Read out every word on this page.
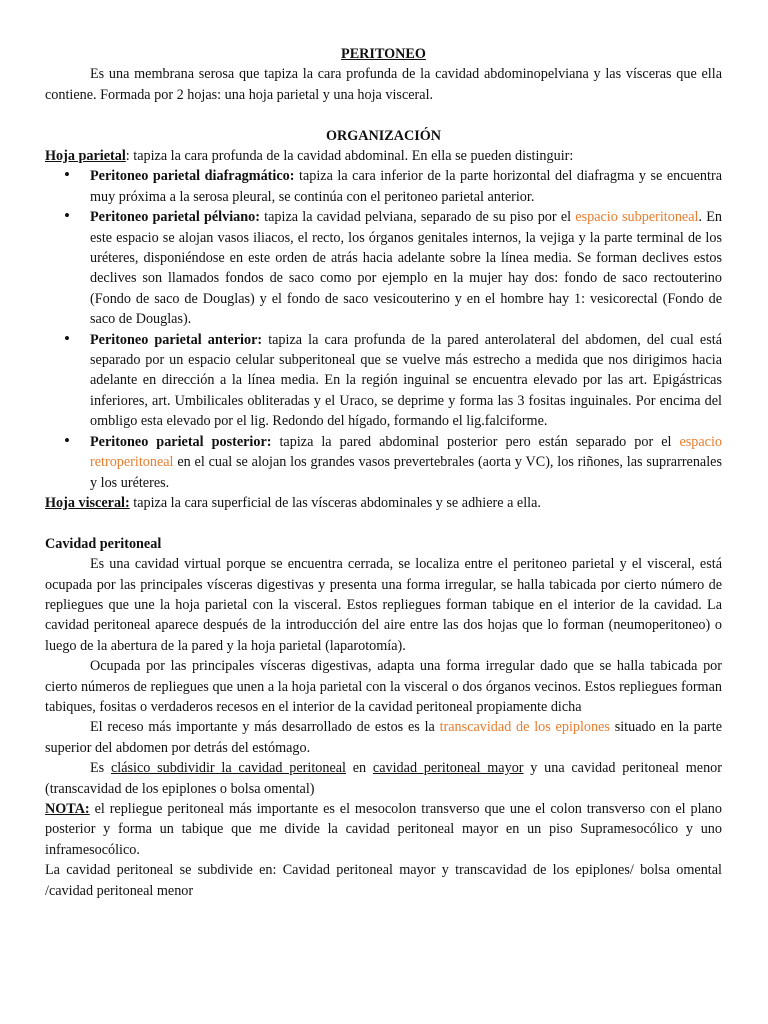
PERITONEO

Es una membrana serosa que tapiza la cara profunda de la cavidad abdominopelviana y las vísceras que ella contiene. Formada por 2 hojas: una hoja parietal y una hoja visceral.

ORGANIZACIÓN

Hoja parietal: tapiza la cara profunda de la cavidad abdominal. En ella se pueden distinguir:

• Peritoneo parietal diafragmático: tapiza la cara inferior de la parte horizontal del diafragma y se encuentra muy próxima a la serosa pleural, se continúa con el peritoneo parietal anterior.
• Peritoneo parietal pélviano: tapiza la cavidad pelviana, separado de su piso por el espacio subperitoneal. En este espacio se alojan vasos iliacos, el recto, los órganos genitales internos, la vejiga y la parte terminal de los uréteres, disponiéndose en este orden de atrás hacia adelante sobre la línea media. Se forman declives estos declives son llamados fondos de saco como por ejemplo en la mujer hay dos: fondo de saco rectouterino (Fondo de saco de Douglas) y el fondo de saco vesicouterino y en el hombre hay 1: vesicorectal (Fondo de saco de Douglas).
• Peritoneo parietal anterior: tapiza la cara profunda de la pared anterolateral del abdomen, del cual está separado por un espacio celular subperitoneal que se vuelve más estrecho a medida que nos dirigimos hacia adelante en dirección a la línea media. En la región inguinal se encuentra elevado por las art. Epigástricas inferiores, art. Umbilicales obliteradas y el Uraco, se deprime y forma las 3 fositas inguinales. Por encima del ombligo esta elevado por el lig. Redondo del hígado, formando el lig.falciforme.
• Peritoneo parietal posterior: tapiza la pared abdominal posterior pero están separado por el espacio retroperitoneal en el cual se alojan los grandes vasos prevertebrales (aorta y VC), los riñones, las suprarrenales y los uréteres.

Hoja visceral: tapiza la cara superficial de las vísceras abdominales y se adhiere a ella.

Cavidad peritoneal

Es una cavidad virtual porque se encuentra cerrada, se localiza entre el peritoneo parietal y el visceral, está ocupada por las principales vísceras digestivas y presenta una forma irregular, se halla tabicada por cierto número de repliegues que une la hoja parietal con la visceral. Estos repliegues forman tabique en el interior de la cavidad. La cavidad peritoneal aparece después de la introducción del aire entre las dos hojas que lo forman (neumoperitoneo) o luego de la abertura de la pared y la hoja parietal (laparotomía).

Ocupada por las principales vísceras digestivas, adapta una forma irregular dado que se halla tabicada por cierto números de repliegues que unen a la hoja parietal con la visceral o dos órganos vecinos. Estos repliegues forman tabiques, fositas o verdaderos recesos en el interior de la cavidad peritoneal propiamente dicha

El receso más importante y más desarrollado de estos es la transcavidad de los epiplones situado en la parte superior del abdomen por detrás del estómago.

Es clásico subdividir la cavidad peritoneal en cavidad peritoneal mayor y una cavidad peritoneal menor (transcavidad de los epiplones o bolsa omental)

NOTA: el repliegue peritoneal más importante es el mesocolon transverso que une el colon transverso con el plano posterior y forma un tabique que me divide la cavidad peritoneal mayor en un piso Supramesocólico y uno inframesocólico.

La cavidad peritoneal se subdivide en: Cavidad peritoneal mayor y transcavidad de los epiplones/ bolsa omental /cavidad peritoneal menor
